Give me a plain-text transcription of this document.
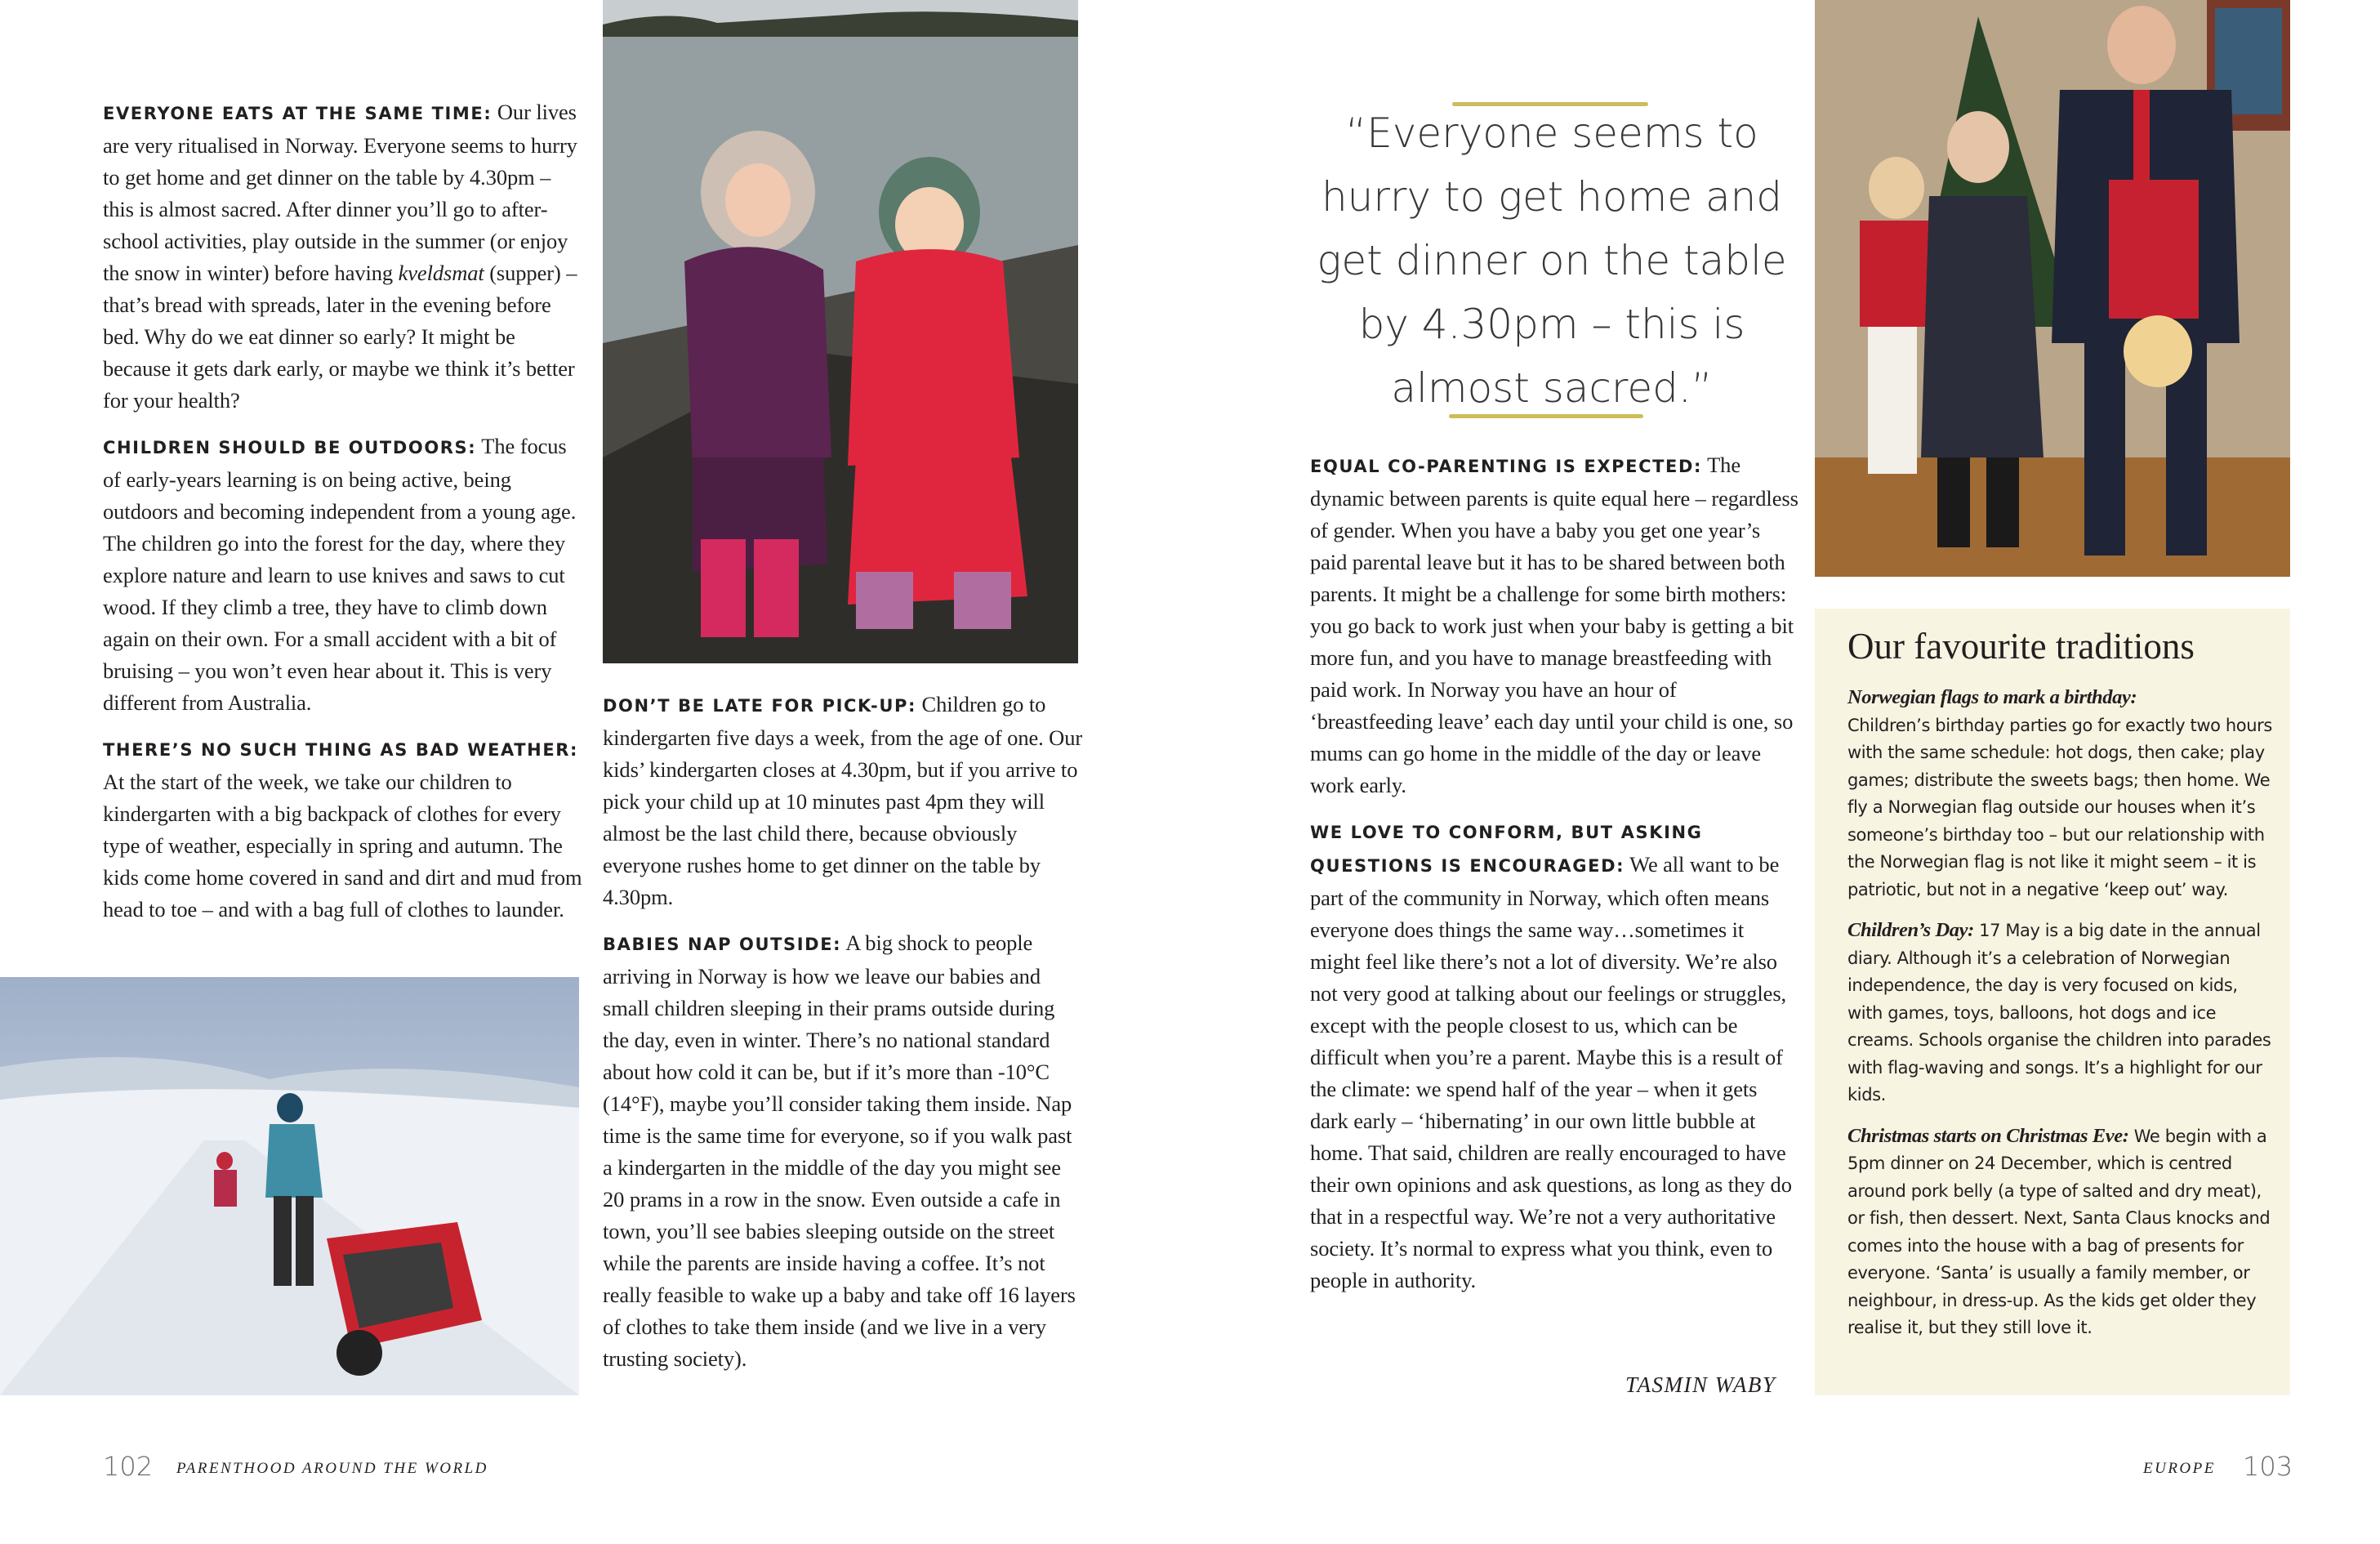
EVERYONE EATS AT THE SAME TIME: Our lives are very ritualised in Norway. Everyone seems to hurry to get home and get dinner on the table by 4.30pm – this is almost sacred. After dinner you’ll go to after-school activities, play outside in the summer (or enjoy the snow in winter) before having kveldsmat (supper) – that’s bread with spreads, later in the evening before bed. Why do we eat dinner so early? It might be because it gets dark early, or maybe we think it’s better for your health?

CHILDREN SHOULD BE OUTDOORS: The focus of early-years learning is on being active, being outdoors and becoming independent from a young age. The children go into the forest for the day, where they explore nature and learn to use knives and saws to cut wood. If they climb a tree, they have to climb down again on their own. For a small accident with a bit of bruising – you won’t even hear about it. This is very different from Australia.

THERE’S NO SUCH THING AS BAD WEATHER: At the start of the week, we take our children to kindergarten with a big backpack of clothes for every type of weather, especially in spring and autumn. The kids come home covered in sand and dirt and mud from head to toe – and with a bag full of clothes to launder.

DON’T BE LATE FOR PICK-UP: Children go to kindergarten five days a week, from the age of one. Our kids’ kindergarten closes at 4.30pm, but if you arrive to pick your child up at 10 minutes past 4pm they will almost be the last child there, because obviously everyone rushes home to get dinner on the table by 4.30pm.

BABIES NAP OUTSIDE: A big shock to people arriving in Norway is how we leave our babies and small children sleeping in their prams outside during the day, even in winter. There’s no national standard about how cold it can be, but if it’s more than -10°C (14°F), maybe you’ll consider taking them inside. Nap time is the same time for everyone, so if you walk past a kindergarten in the middle of the day you might see 20 prams in a row in the snow. Even outside a cafe in town, you’ll see babies sleeping outside on the street while the parents are inside having a coffee. It’s not really feasible to wake up a baby and take off 16 layers of clothes to take them inside (and we live in a very trusting society).

102 PARENTHOOD AROUND THE WORLD
“Everyone seems to hurry to get home and get dinner on the table by 4.30pm – this is almost sacred.”

EQUAL CO-PARENTING IS EXPECTED: The dynamic between parents is quite equal here – regardless of gender. When you have a baby you get one year’s paid parental leave but it has to be shared between both parents. It might be a challenge for some birth mothers: you go back to work just when your baby is getting a bit more fun, and you have to manage breastfeeding with paid work. In Norway you have an hour of ‘breastfeeding leave’ each day until your child is one, so mums can go home in the middle of the day or leave work early.

WE LOVE TO CONFORM, BUT ASKING QUESTIONS IS ENCOURAGED: We all want to be part of the community in Norway, which often means everyone does things the same way…sometimes it might feel like there’s not a lot of diversity. We’re also not very good at talking about our feelings or struggles, except with the people closest to us, which can be difficult when you’re a parent. Maybe this is a result of the climate: we spend half of the year – when it gets dark early – ‘hibernating’ in our own little bubble at home. That said, children are really encouraged to have their own opinions and ask questions, as long as they do that in a respectful way. We’re not a very authoritative society. It’s normal to express what you think, even to people in authority.

TASMIN WABY
Our favourite traditions

Norwegian flags to mark a birthday:
Children’s birthday parties go for exactly two hours with the same schedule: hot dogs, then cake; play games; distribute the sweets bags; then home. We fly a Norwegian flag outside our houses when it’s someone’s birthday too – but our relationship with the Norwegian flag is not like it might seem – it is patriotic, but not in a negative ‘keep out’ way.

Children’s Day: 17 May is a big date in the annual diary. Although it’s a celebration of Norwegian independence, the day is very focused on kids, with games, toys, balloons, hot dogs and ice creams. Schools organise the children into parades with flag-waving and songs. It’s a highlight for our kids.

Christmas starts on Christmas Eve: We begin with a 5pm dinner on 24 December, which is centred around pork belly (a type of salted and dry meat), or fish, then dessert. Next, Santa Claus knocks and comes into the house with a bag of presents for everyone. ‘Santa’ is usually a family member, or neighbour, in dress-up. As the kids get older they realise it, but they still love it.

EUROPE 103
